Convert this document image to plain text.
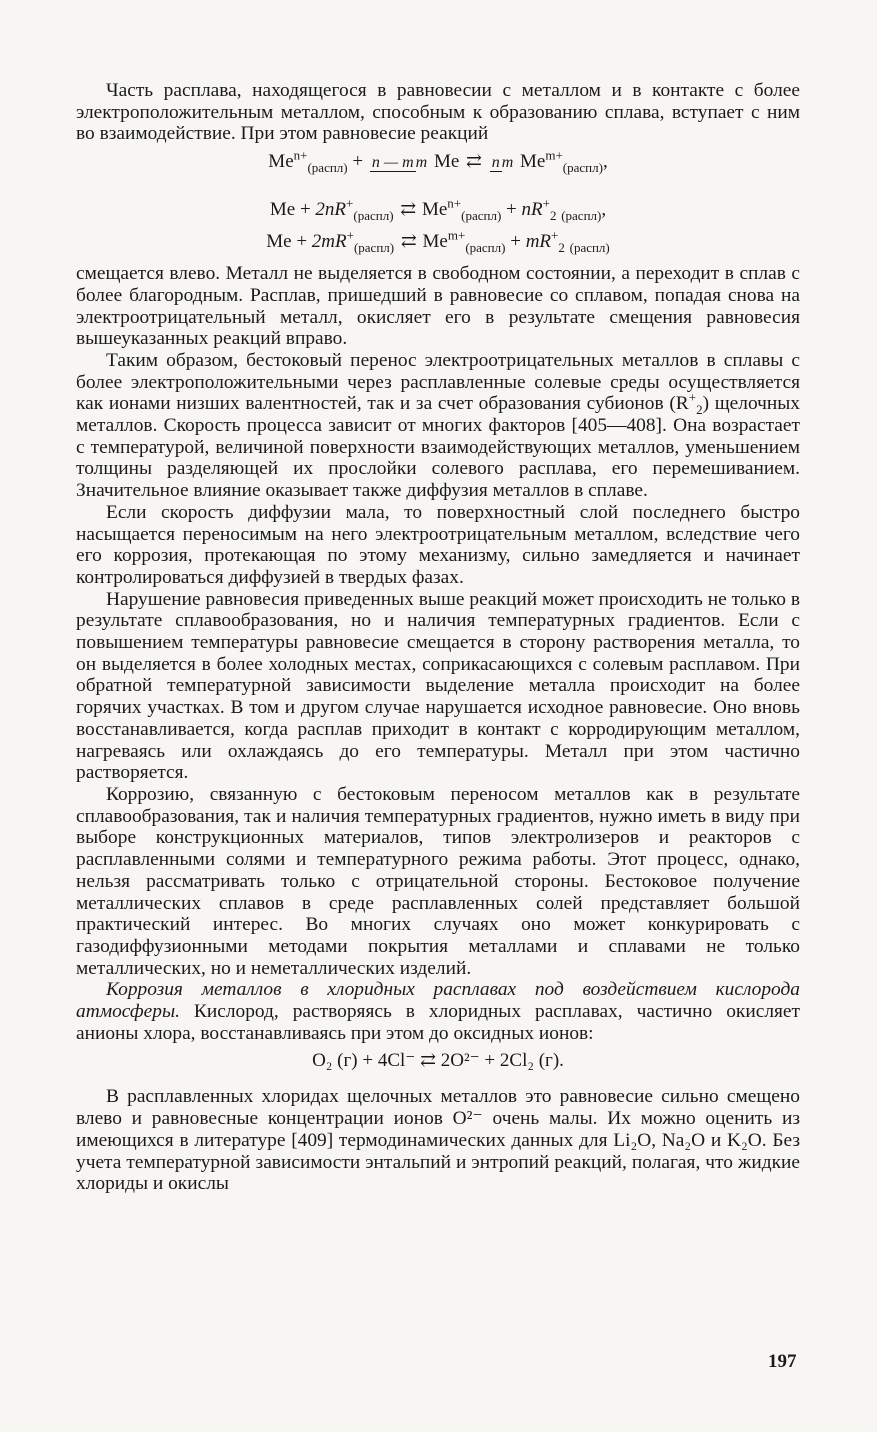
Часть расплава, находящегося в равновесии с металлом и в контакте с более электроположительным металлом, способным к образованию сплава, вступает с ним во взаимодействие. При этом равновесие реакций

$Me^{n+}_{(распл)} + n$ — m m Me ⇄ n m $Me^{m+}_{(распл)}$,
$Me + 2nR^+_{(распл)}$ ⇄ $Me^{n+}_{(распл)} + nR^+_2$ $_{(распл)}$,
$Me + 2mR^+_{(распл)}$ ⇄ $Me^{m+}_{(распл)} + mR^+_2$ $_{(распл)}$

смещается влево. Металл не выделяется в свободном состоянии, а переходит в сплав с более благородным. Расплав, пришедший в равновесие со сплавом, попадая снова на электроотрицательный металл, окисляет его в результате смещения равновесия вышеуказанных реакций вправо.

Таким образом, бестоковый перенос электроотрицательных металлов в сплавы с более электроположительными через расплавленные солевые среды осуществляется как ионами низших валентностей, так и за счет образования субионов $(R^+_2)$ щелочных металлов. Скорость процесса зависит от многих факторов [405—408]. Она возрастает с температурой, величиной поверхности взаимодействующих металлов, уменьшением толщины разделяющей их прослойки солевого расплава, его перемешиванием. Значительное влияние оказывает также диффузия металлов в сплаве.

Если скорость диффузии мала, то поверхностный слой последнего быстро насыщается переносимым на него электроотрицательным металлом, вследствие чего его коррозия, протекающая по этому механизму, сильно замедляется и начинает контролироваться диффузией в твердых фазах.

Нарушение равновесия приведенных выше реакций может происходить не только в результате сплавообразования, но и наличия температурных градиентов. Если с повышением температуры равновесие смещается в сторону растворения металла, то он выделяется в более холодных местах, соприкасающихся с солевым расплавом. При обратной температурной зависимости выделение металла происходит на более горячих участках. В том и другом случае нарушается исходное равновесие. Оно вновь восстанавливается, когда расплав приходит в контакт с корродирующим металлом, нагреваясь или охлаждаясь до его температуры. Металл при этом частично растворяется.

Коррозию, связанную с бестоковым переносом металлов как в результате сплавообразования, так и наличия температурных градиентов, нужно иметь в виду при выборе конструкционных материалов, типов электролизеров и реакторов с расплавленными солями и температурного режима работы. Этот процесс, однако, нельзя рассматривать только с отрицательной стороны. Бестоковое получение металлических сплавов в среде расплавленных солей представляет большой практический интерес. Во многих случаях оно может конкурировать с газодиффузионными методами покрытия металлами и сплавами не только металлических, но и неметаллических изделий.

Коррозия металлов в хлоридных расплавах под воздействием кислорода атмосферы. Кислород, растворяясь в хлоридных расплавах, частично окисляет анионы хлора, восстанавливаясь при этом до оксидных ионов:

O₂ (г) + 4Cl⁻ ⇄ 2O²⁻ + 2Cl₂ (г).

В расплавленных хлоридах щелочных металлов это равновесие сильно смещено влево и равновесные концентрации ионов O²⁻ очень малы. Их можно оценить из имеющихся в литературе [409] термодинамических данных для Li₂O, Na₂O и K₂O. Без учета температурной зависимости энтальпий и энтропий реакций, полагая, что жидкие хлориды и окислы

197
